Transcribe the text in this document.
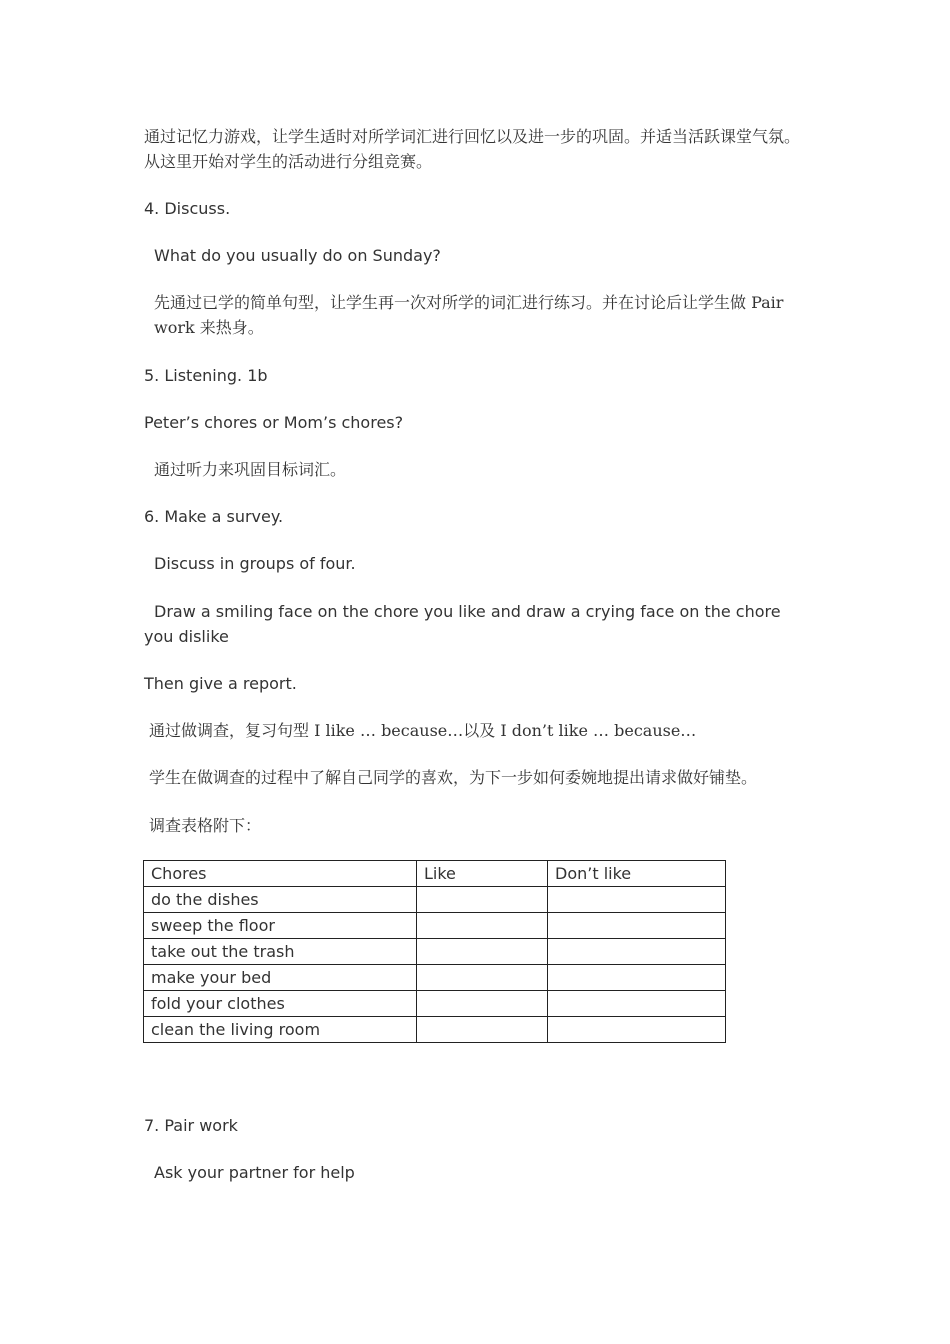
通过记忆力游戏，让学生适时对所学词汇进行回忆以及进一步的巩固。并适当活跃课堂气氛。从这里开始对学生的活动进行分组竞赛。

4. Discuss.

What do you usually do on Sunday?

先通过已学的简单句型，让学生再一次对所学的词汇进行练习。并在讨论后让学生做 Pair work 来热身。

5. Listening. 1b

Peter’s chores or Mom’s chores?

通过听力来巩固目标词汇。

6. Make a survey.

Discuss in groups of four.

Draw a smiling face on the chore you like and draw a crying face on the chore you dislike

Then give a report.

通过做调查，复习句型 I like … because…以及 I don’t like … because…

学生在做调查的过程中了解自己同学的喜欢，为下一步如何委婉地提出请求做好铺垫。

调查表格附下：

Chores	Like	Don’t like
do the dishes		
sweep the floor		
take out the trash		
make your bed		
fold your clothes		
clean the living room		

7. Pair work

Ask your partner for help
